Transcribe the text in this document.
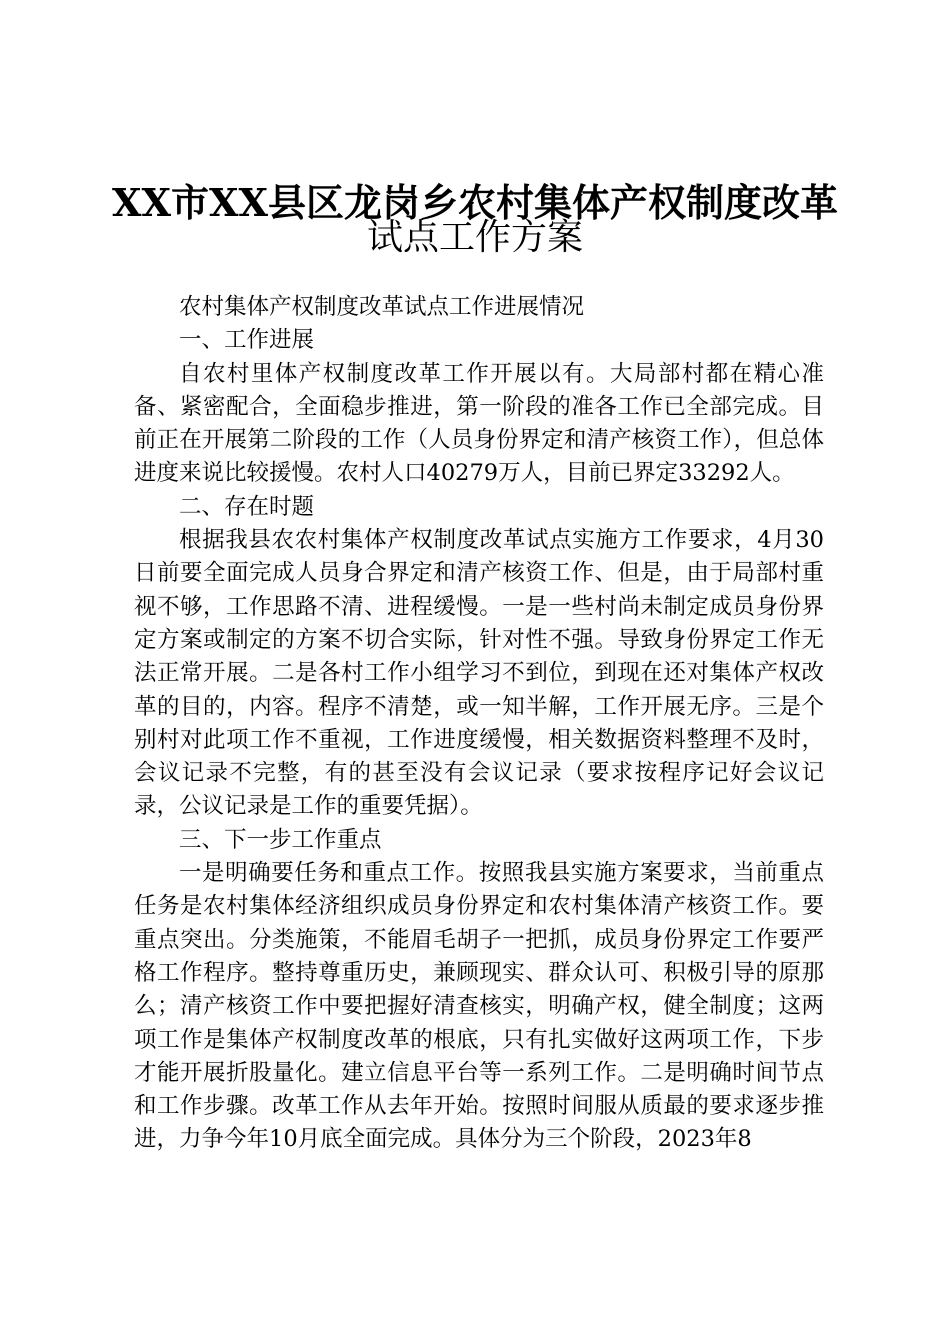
XX市XX县区龙岗乡农村集体产权制度改革
试点工作方案

农村集体产权制度改革试点工作进展情况

一、工作进展

自农村里体产权制度改革工作开展以有。大局部村都在精心准备、紧密配合，全面稳步推进，第一阶段的准各工作已全部完成。目前正在开展第二阶段的工作（人员身份界定和清产核资工作），但总体进度来说比较援慢。农村人口40279万人，目前已界定33292人。

二、存在时题

根据我县农农村集体产权制度改革试点实施方工作要求，4月30日前要全面完成人员身合界定和清产核资工作、但是，由于局部村重视不够，工作思路不清、进程缓慢。一是一些村尚未制定成员身份界定方案或制定的方案不切合实际，针对性不强。导致身份界定工作无法正常开展。二是各村工作小组学习不到位，到现在还对集体产权改革的目的，内容。程序不清楚，或一知半解，工作开展无序。三是个别村对此项工作不重视，工作进度缓慢，相关数据资料整理不及时，会议记录不完整，有的甚至没有会议记录（要求按程序记好会议记录，公议记录是工作的重要凭据）。

三、下一步工作重点

一是明确要任务和重点工作。按照我县实施方案要求，当前重点任务是农村集体经济组织成员身份界定和农村集体清产核资工作。要重点突出。分类施策，不能眉毛胡子一把抓，成员身份界定工作要严格工作程序。整持尊重历史，兼顾现实、群众认可、积极引导的原那么；清产核资工作中要把握好清查核实，明确产权，健全制度；这两项工作是集体产权制度改革的根底，只有扎实做好这两项工作，下步才能开展折股量化。建立信息平台等一系列工作。二是明确时间节点和工作步骤。改革工作从去年开始。按照时间服从质最的要求逐步推进，力争今年10月底全面完成。具体分为三个阶段，2023年8
